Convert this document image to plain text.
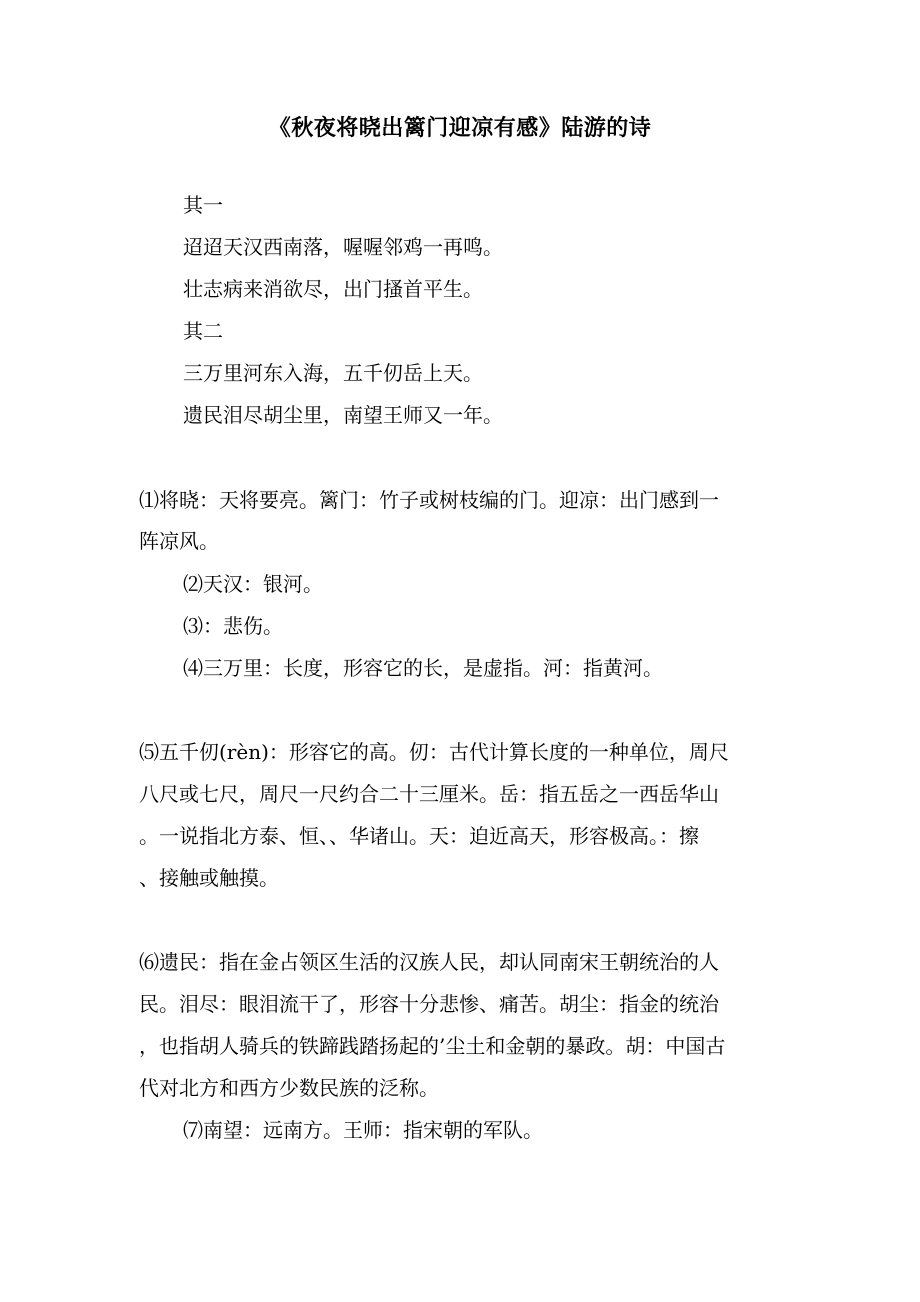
《秋夜将晓出篱门迎凉有感》陆游的诗
其一
迢迢天汉西南落，喔喔邻鸡一再鸣。
壮志病来消欲尽，出门搔首平生。
其二
三万里河东入海，五千仞岳上天。
遗民泪尽胡尘里，南望王师又一年。
⑴将晓：天将要亮。篱门：竹子或树枝编的门。迎凉：出门感到一
阵凉风。
⑵天汉：银河。
⑶：悲伤。
⑷三万里：长度，形容它的长，是虚指。河：指黄河。
⑸五千仞(rèn)：形容它的高。仞：古代计算长度的一种单位，周尺
八尺或七尺，周尺一尺约合二十三厘米。岳：指五岳之一西岳华山
。一说指北方泰、恒、、华诸山。天：迫近高天，形容极高。：擦
、接触或触摸。
⑹遗民：指在金占领区生活的汉族人民，却认同南宋王朝统治的人
民。泪尽：眼泪流干了，形容十分悲惨、痛苦。胡尘：指金的统治
，也指胡人骑兵的铁蹄践踏扬起的’尘土和金朝的暴政。胡：中国古
代对北方和西方少数民族的泛称。
⑺南望：远南方。王师：指宋朝的军队。
